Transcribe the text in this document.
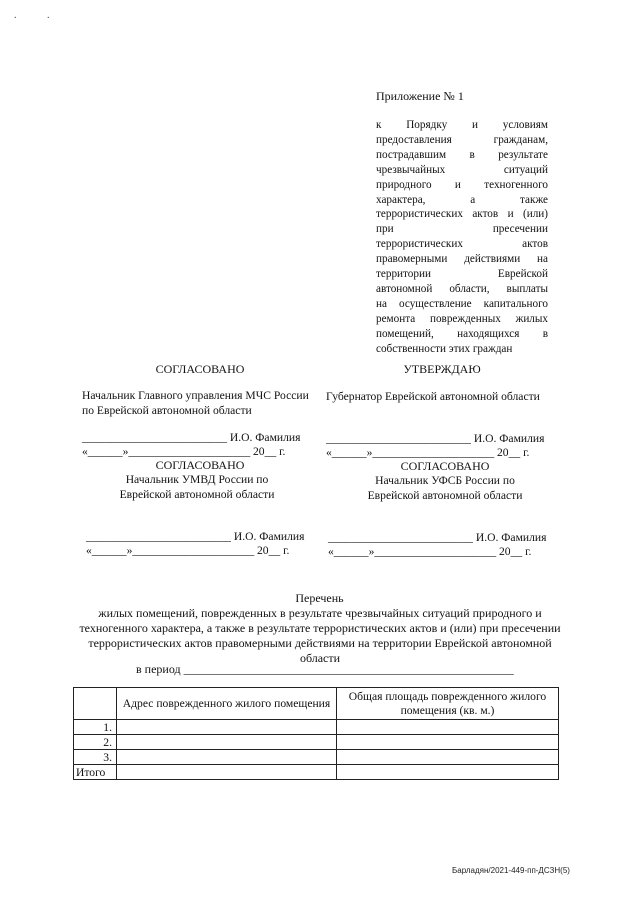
. .
Приложение № 1
к Порядку и условиям
предоставления гражданам,
пострадавшим в результате
чрезвычайных ситуаций
природного и техногенного
характера, а также
террористических актов и (или)
при пресечении
террористических актов
правомерными действиями на
территории Еврейской
автономной области, выплаты
на осуществление капитального
ремонта поврежденных жилых
помещений, находящихся в
собственности этих граждан
СОГЛАСОВАНО	УТВЕРЖДАЮ
Начальник Главного управления МЧС России по Еврейской автономной области
Губернатор Еврейской автономной области
_________________________ И.О. Фамилия
«______»_____________________ 20__ г.
_________________________ И.О. Фамилия
«______»_____________________ 20__ г.
СОГЛАСОВАНО
Начальник УМВД России по Еврейской автономной области
СОГЛАСОВАНО
Начальник УФСБ России по Еврейской автономной области
_________________________ И.О. Фамилия
«______»_____________________ 20__ г.
_________________________ И.О. Фамилия
«______»_____________________ 20__ г.
Перечень
жилых помещений, поврежденных в результате чрезвычайных ситуаций природного и техногенного характера, а также в результате террористических актов и (или) при пресечении террористических актов правомерными действиями на территории Еврейской автономной области
в период _______________________________________________________
	Адрес поврежденного жилого помещения	Общая площадь поврежденного жилого помещения (кв. м.)
1.		
2.		
3.		
Итого		
Барладян/2021-449-пп-ДСЗН(5)
